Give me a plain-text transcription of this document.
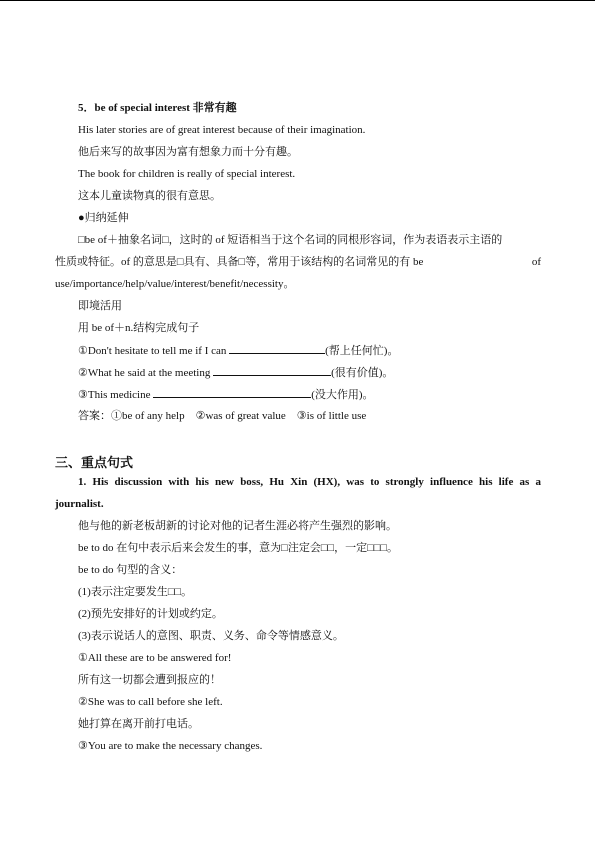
5．be of special interest 非常有趣
His later stories are of great interest because of their imagination.
他后来写的故事因为富有想象力而十分有趣。
The book for children is really of special interest.
这本儿童读物真的很有意思。
●归纳延伸
□be of＋抽象名词□，这时的 of 短语相当于这个名词的同根形容词，作为表语表示主语的
性质或特征。of 的意思是□具有、具备□等，常用于该结构的名词常见的有 be	of
use/importance/help/value/interest/benefit/necessity。
即境活用
用 be of＋n.结构完成句子
①Don't hesitate to tell me if I can	(帮上任何忙)。
②What he said at the meeting	(很有价值)。
③This medicine	(没大作用)。
答案：①be of any help    ②was of great value    ③is of little use
三、重点句式
1. His discussion with his new boss, Hu Xin (HX), was to strongly influence his life as a
journalist.
他与他的新老板胡新的讨论对他的记者生涯必将产生强烈的影响。
be to do 在句中表示后来会发生的事，意为□注定会□□，一定□□□。
be to do 句型的含义：
(1)表示注定要发生□□。
(2)预先安排好的计划或约定。
(3)表示说话人的意图、职责、义务、命令等情感意义。
①All these are to be answered for!
所有这一切都会遭到报应的！
②She was to call before she left.
她打算在离开前打电话。
③You are to make the necessary changes.
